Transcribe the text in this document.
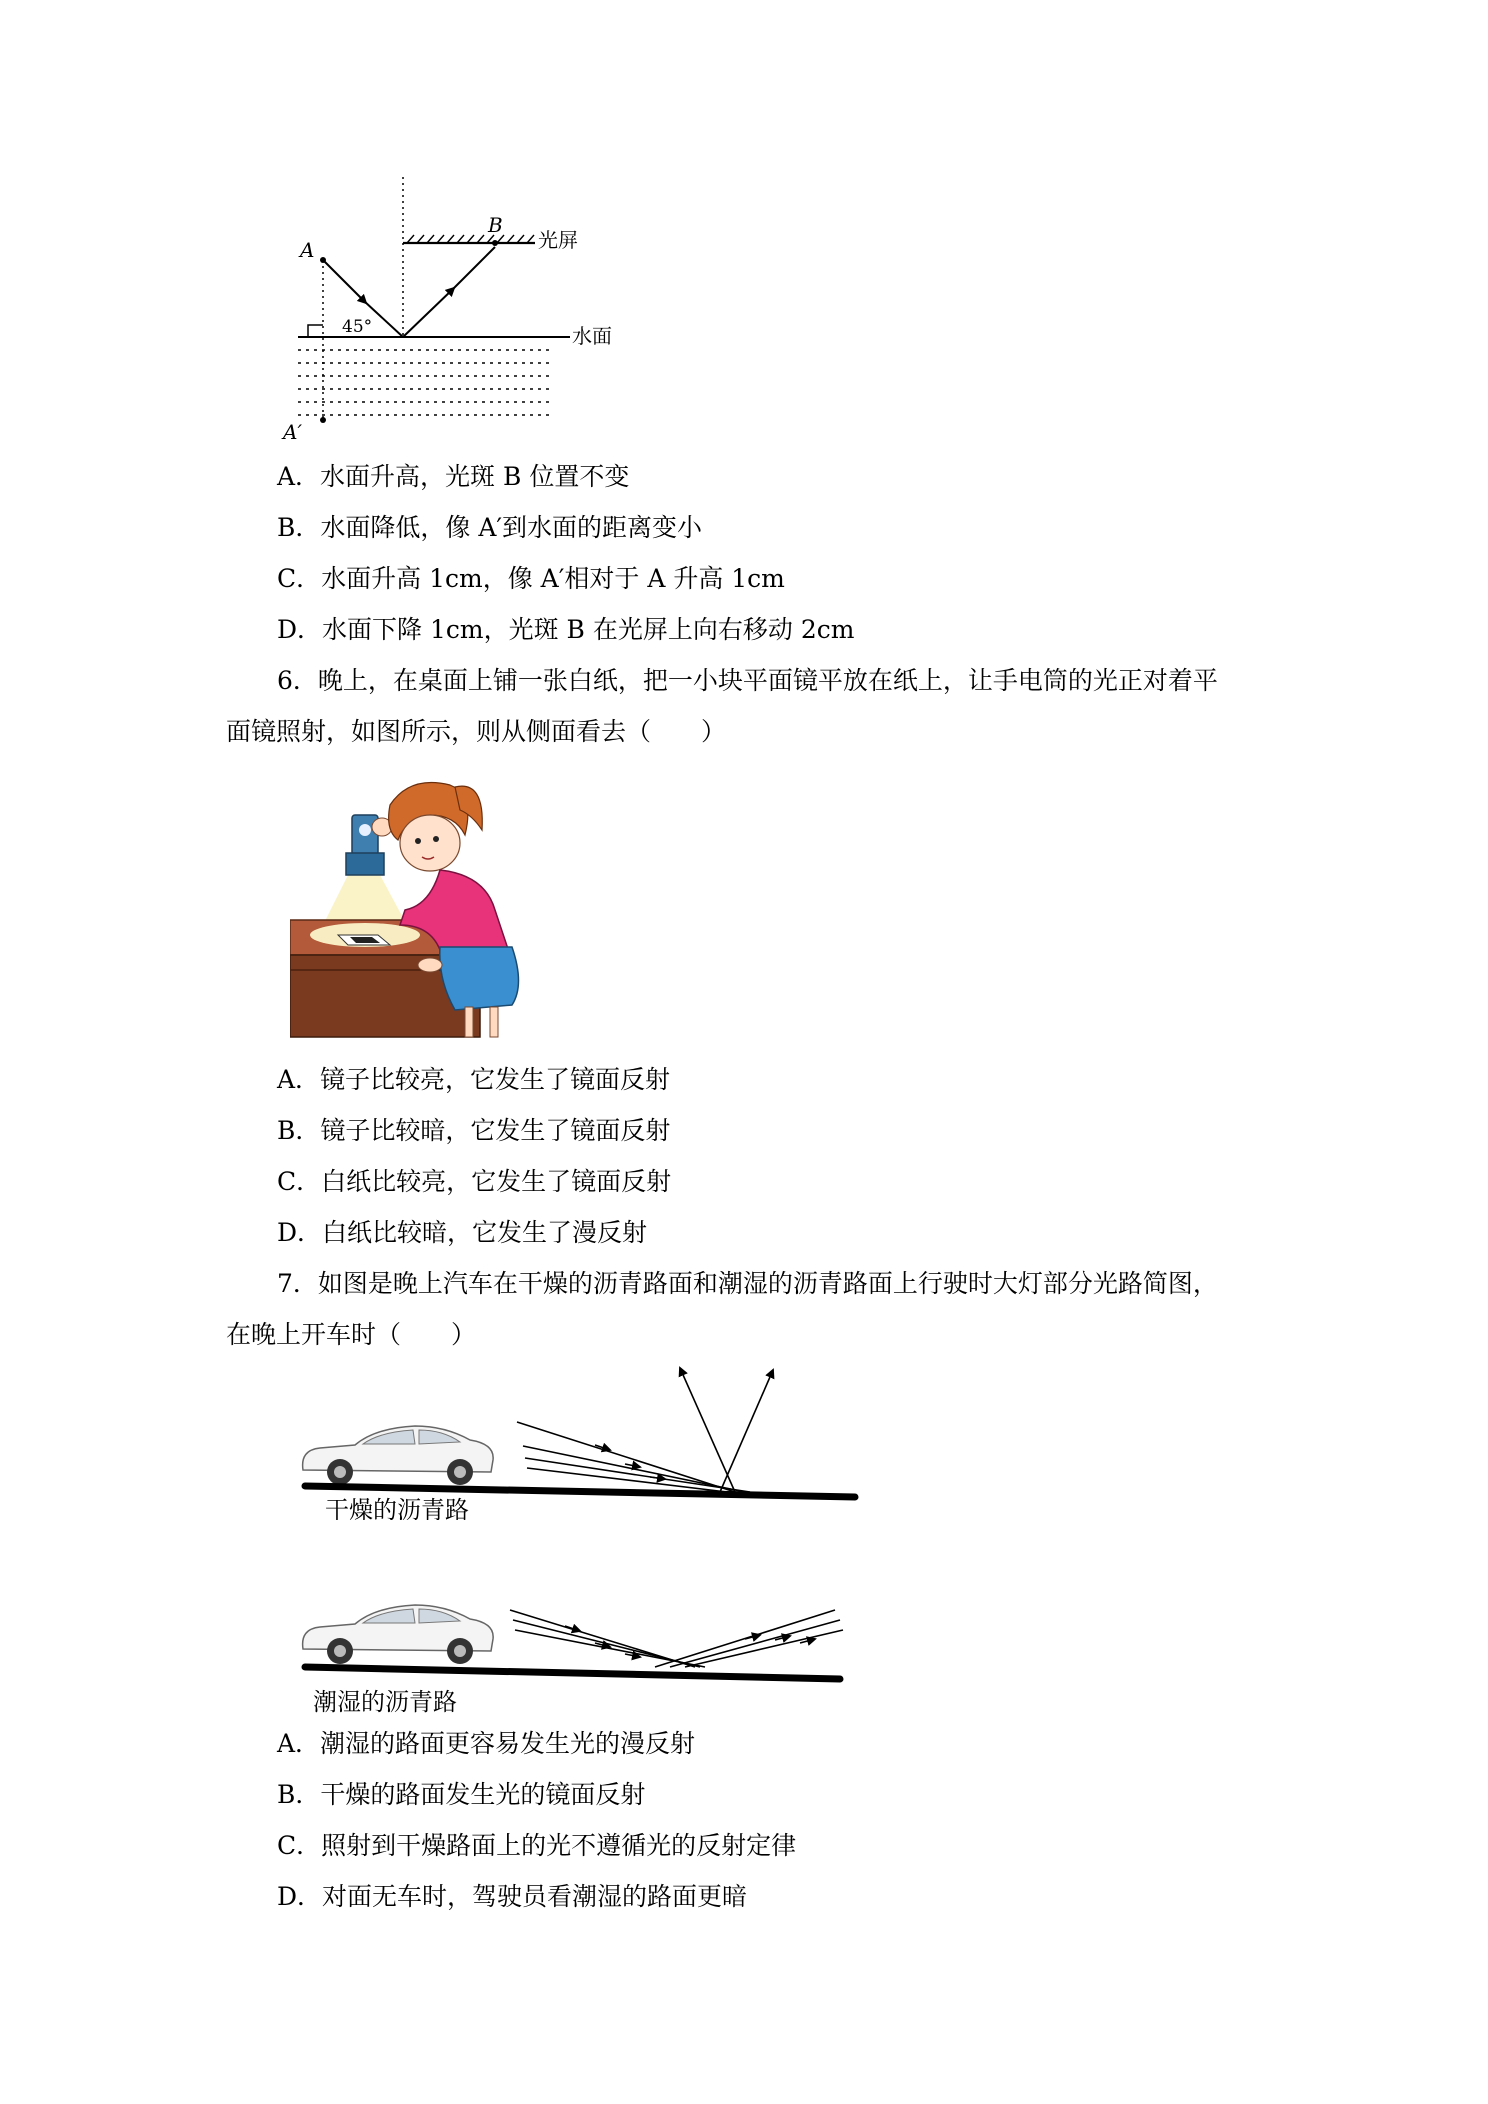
A
B
A′
光屏
水面
45°
A．水面升高，光斑 B 位置不变
B．水面降低，像 A′到水面的距离变小
C．水面升高 1cm，像 A′相对于 A 升高 1cm
D．水面下降 1cm，光斑 B 在光屏上向右移动 2cm
6．晚上，在桌面上铺一张白纸，把一小块平面镜平放在纸上，让手电筒的光正对着平
面镜照射，如图所示，则从侧面看去（　　）
A．镜子比较亮，它发生了镜面反射
B．镜子比较暗，它发生了镜面反射
C．白纸比较亮，它发生了镜面反射
D．白纸比较暗，它发生了漫反射
7．如图是晚上汽车在干燥的沥青路面和潮湿的沥青路面上行驶时大灯部分光路简图，
在晚上开车时（　　）
干燥的沥青路
潮湿的沥青路
A．潮湿的路面更容易发生光的漫反射
B．干燥的路面发生光的镜面反射
C．照射到干燥路面上的光不遵循光的反射定律
D．对面无车时，驾驶员看潮湿的路面更暗
